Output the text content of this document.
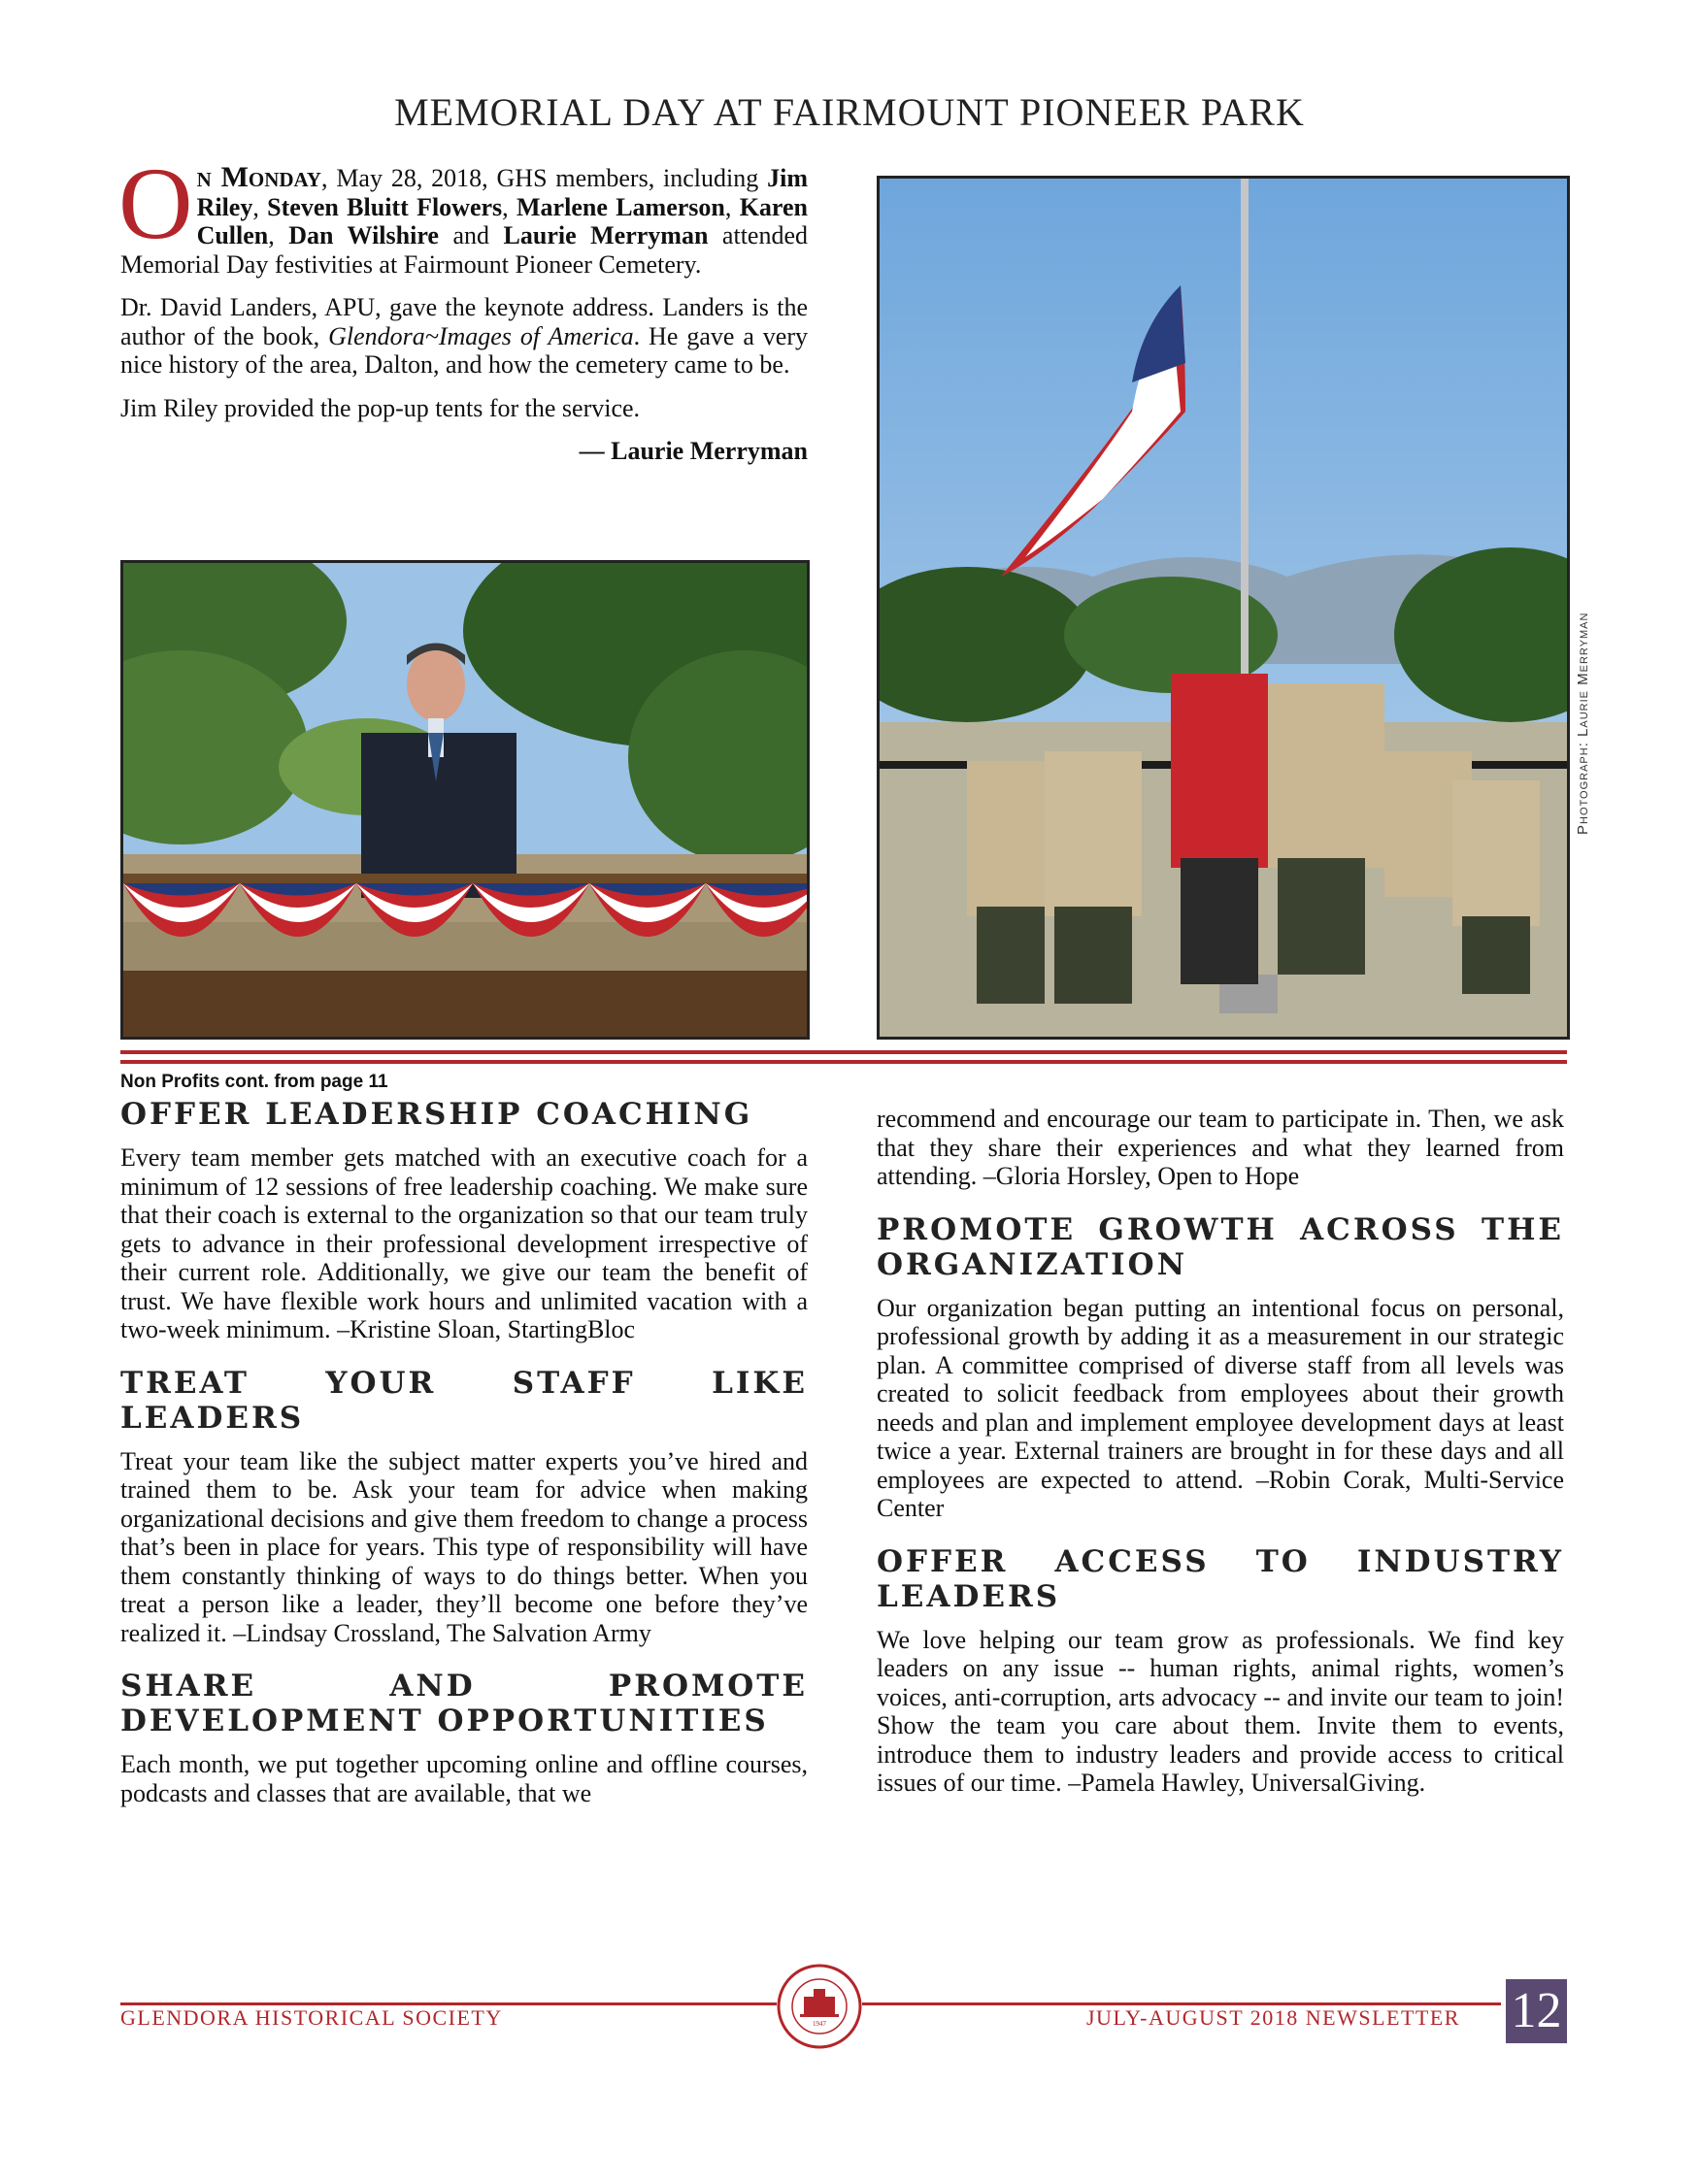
MEMORIAL DAY AT FAIRMOUNT PIONEER PARK

On Monday, May 28, 2018, GHS members, including Jim Riley, Steven Bluitt Flowers, Marlene Lamerson, Karen Cullen, Dan Wilshire and Laurie Merryman attended Memorial Day festivities at Fairmount Pioneer Cemetery.

Dr. David Landers, APU, gave the keynote address. Landers is the author of the book, Glendora~Images of America. He gave a very nice history of the area, Dalton, and how the cemetery came to be.

Jim Riley provided the pop-up tents for the service.

— Laurie Merryman

Photograph: Laurie Merryman
Non Profits cont. from page 11
OFFER LEADERSHIP COACHING

Every team member gets matched with an executive coach for a minimum of 12 sessions of free leadership coaching. We make sure that their coach is external to the organization so that our team truly gets to advance in their professional development irrespective of their current role. Additionally, we give our team the benefit of trust. We have flexible work hours and unlimited vacation with a two-week minimum. –Kristine Sloan, StartingBloc

TREAT YOUR STAFF LIKE LEADERS

Treat your team like the subject matter experts you’ve hired and trained them to be. Ask your team for advice when making organizational decisions and give them freedom to change a process that’s been in place for years. This type of responsibility will have them constantly thinking of ways to do things better. When you treat a person like a leader, they’ll become one before they’ve realized it. –Lindsay Crossland, The Salvation Army

SHARE AND PROMOTE DEVELOPMENT OPPORTUNITIES

Each month, we put together upcoming online and offline courses, podcasts and classes that are available, that we

recommend and encourage our team to participate in. Then, we ask that they share their experiences and what they learned from attending. –Gloria Horsley, Open to Hope

PROMOTE GROWTH ACROSS THE ORGANIZATION

Our organization began putting an intentional focus on personal, professional growth by adding it as a measurement in our strategic plan. A committee comprised of diverse staff from all levels was created to solicit feedback from employees about their growth needs and plan and implement employee development days at least twice a year. External trainers are brought in for these days and all employees are expected to attend. –Robin Corak, Multi-Service Center

OFFER ACCESS TO INDUSTRY LEADERS

We love helping our team grow as professionals. We find key leaders on any issue -- human rights, animal rights, women’s voices, anti-corruption, arts advocacy -- and invite our team to join! Show the team you care about them. Invite them to events, introduce them to industry leaders and provide access to critical issues of our time. –Pamela Hawley, UniversalGiving.

GLENDORA HISTORICAL SOCIETY	JULY-AUGUST 2018 NEWSLETTER 12
1947
